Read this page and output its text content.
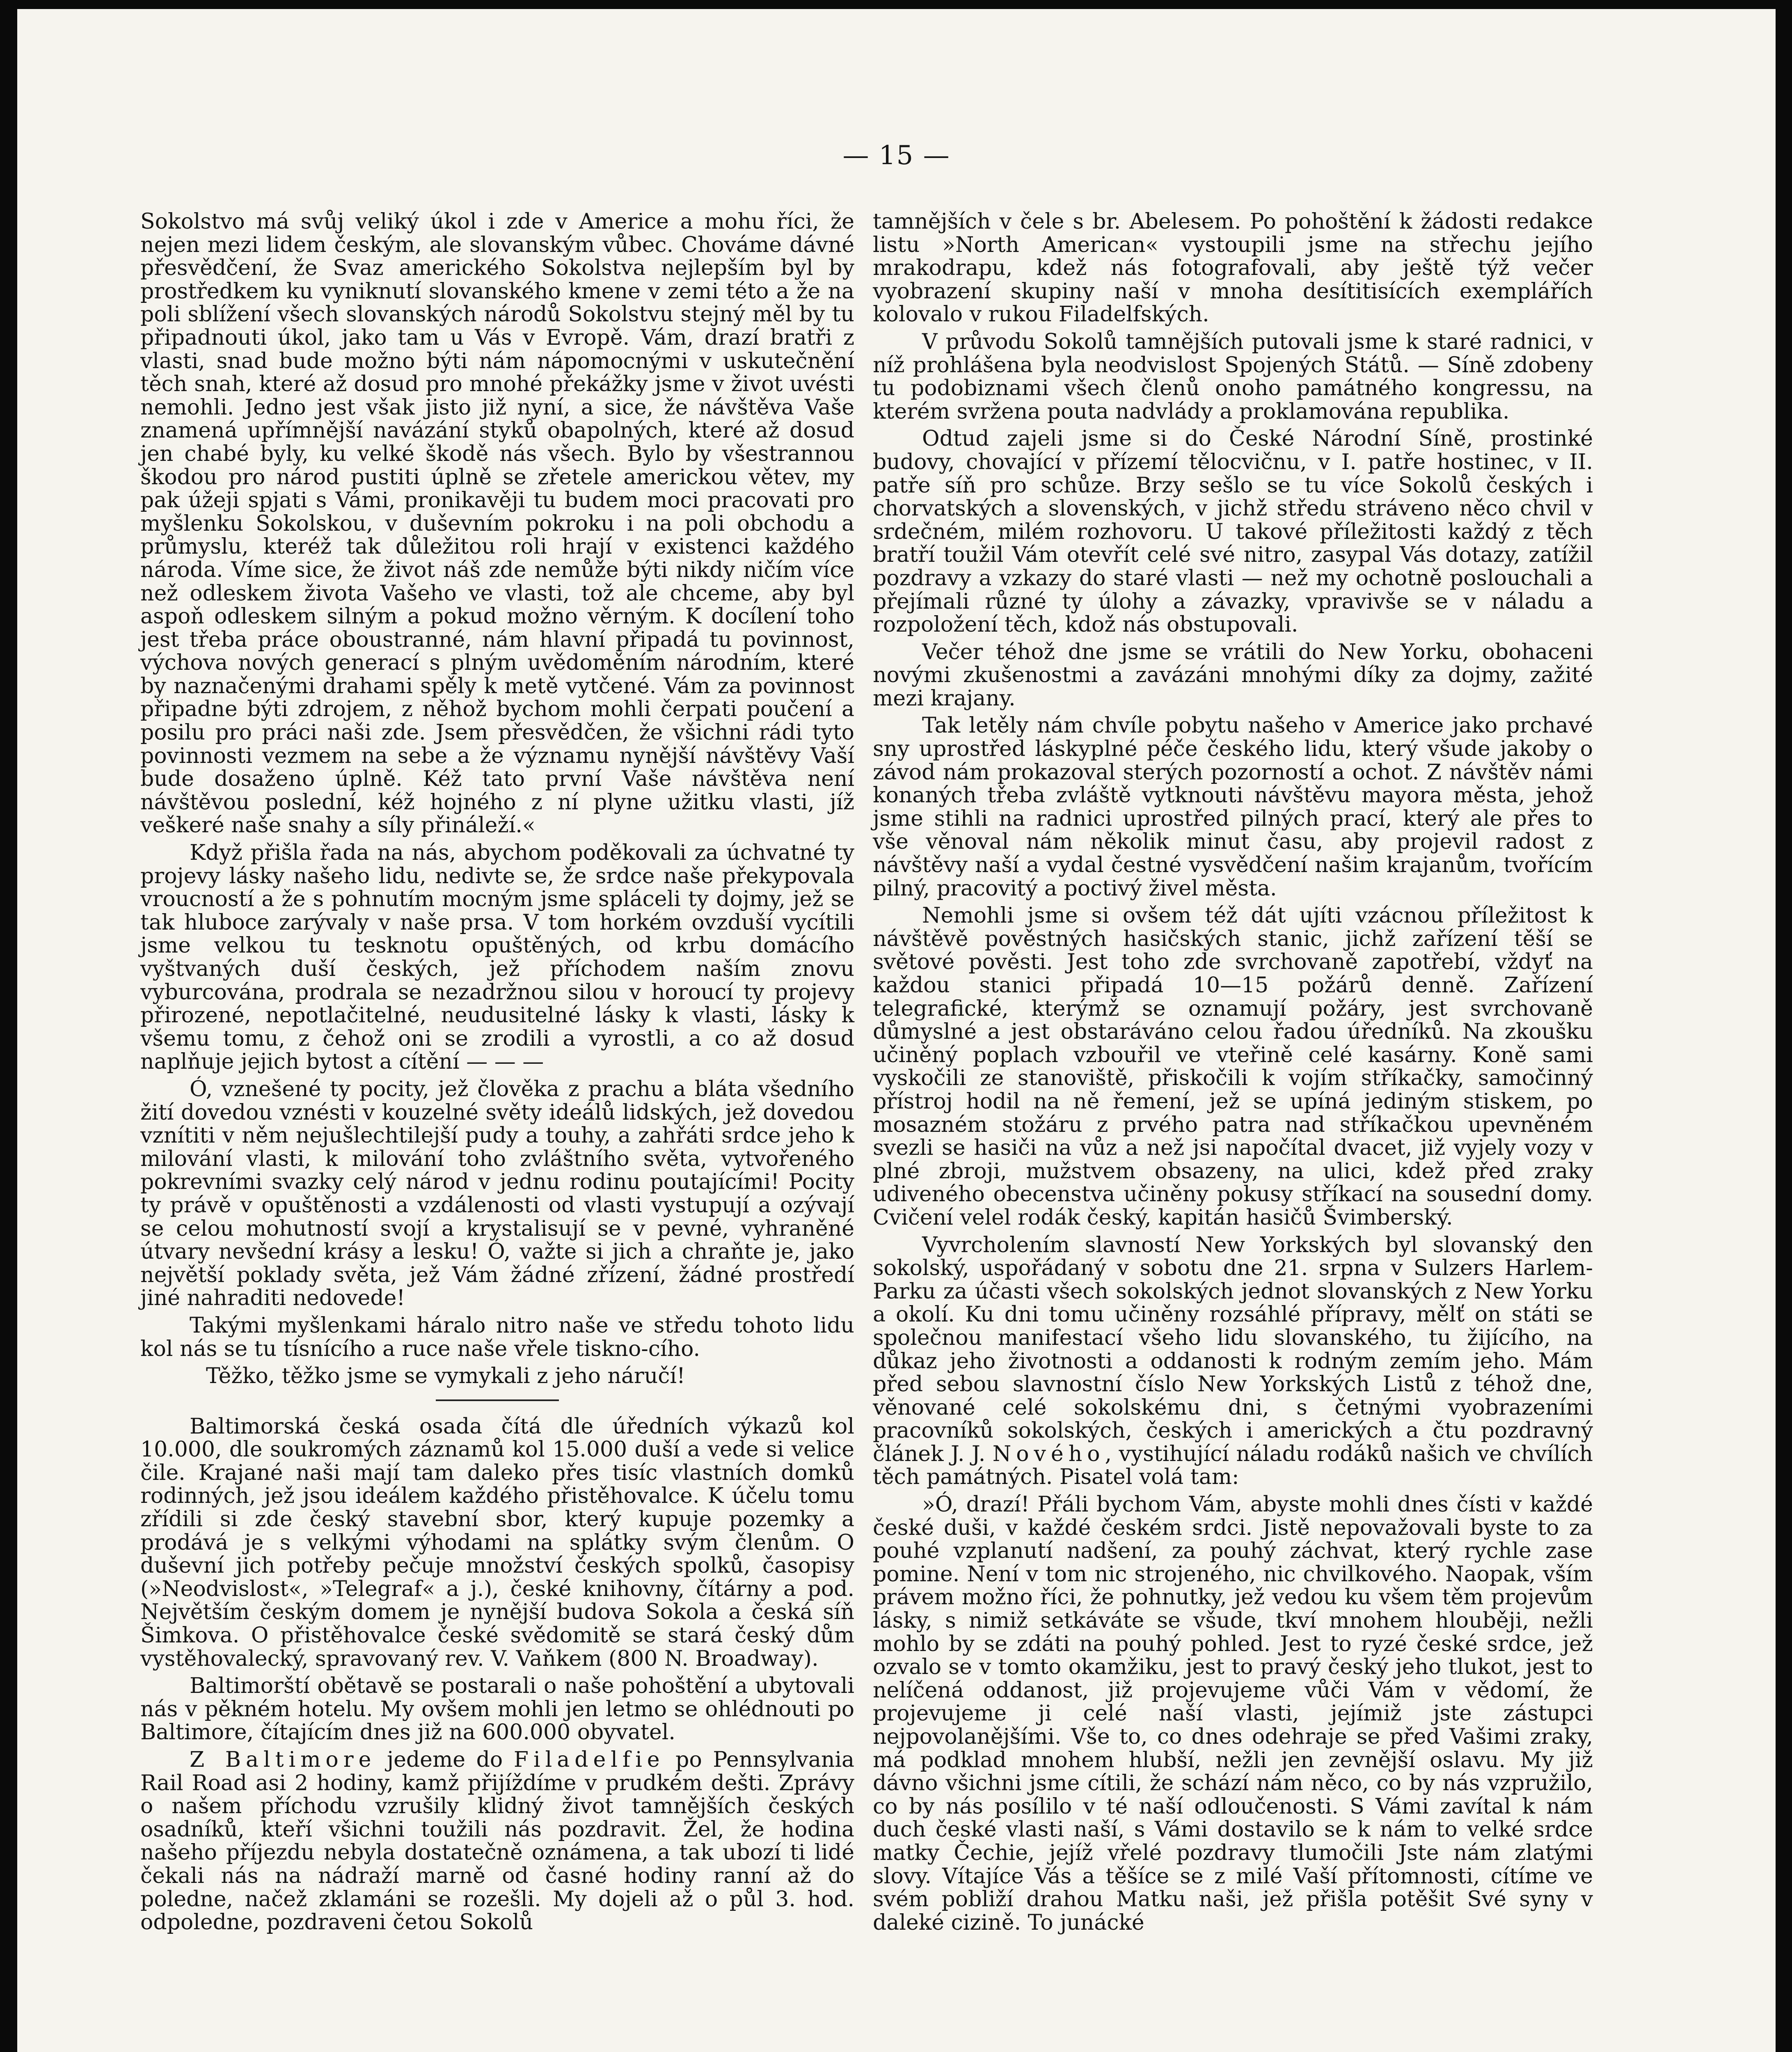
— 15 —

Sokolstvo má svůj veliký úkol i zde v Americe a mohu říci, že nejen mezi lidem českým, ale slovanským vůbec. Chováme dávné přesvědčení, že Svaz amerického Sokolstva nejlepším byl by prostředkem ku vyniknutí slovanského kmene v zemi této a že na poli sblížení všech slovanských národů Sokolstvu stejný měl by tu připadnouti úkol, jako tam u Vás v Evropě. Vám, drazí bratři z vlasti, snad bude možno býti nám nápomocnými v uskutečnění těch snah, které až dosud pro mnohé překážky jsme v život uvésti nemohli. Jedno jest však jisto již nyní, a sice, že návštěva Vaše znamená upřímnější navázání styků obapolných, které až dosud jen chabé byly, ku velké škodě nás všech. Bylo by všestrannou škodou pro národ pustiti úplně se zřetele americkou větev, my pak úžeji spjati s Vámi, pronikavěji tu budem moci pracovati pro myšlenku Sokolskou, v duševním pokroku i na poli obchodu a průmyslu, kteréž tak důležitou roli hrají v existenci každého národa. Víme sice, že život náš zde nemůže býti nikdy ničím více než odleskem života Vašeho ve vlasti, tož ale chceme, aby byl aspoň odleskem silným a pokud možno věrným. K docílení toho jest třeba práce oboustranné, nám hlavní připadá tu povinnost, výchova nových generací s plným uvědoměním národním, které by naznačenými drahami spěly k metě vytčené. Vám za povinnost připadne býti zdrojem, z něhož bychom mohli čerpati poučení a posilu pro práci naši zde. Jsem přesvědčen, že všichni rádi tyto povinnosti vezmem na sebe a že významu nynější návštěvy Vaší bude dosaženo úplně. Kéž tato první Vaše návštěva není návštěvou poslední, kéž hojného z ní plyne užitku vlasti, jíž veškeré naše snahy a síly přináleží.«

Když přišla řada na nás, abychom poděkovali za úchvatné ty projevy lásky našeho lidu, nedivte se, že srdce naše překypovala vroucností a že s pohnutím mocným jsme spláceli ty dojmy, jež se tak hluboce zarývaly v naše prsa. V tom horkém ovzduší vycítili jsme velkou tu tesknotu opuštěných, od krbu domácího vyštvaných duší českých, jež příchodem naším znovu vyburcována, prodrala se nezadržnou silou v horoucí ty projevy přirozené, nepotlačitelné, neudusitelné lásky k vlasti, lásky k všemu tomu, z čehož oni se zrodili a vyrostli, a co až dosud naplňuje jejich bytost a cítění — — —

Ó, vznešené ty pocity, jež člověka z prachu a bláta všedního žití dovedou vznésti v kouzelné světy ideálů lidských, jež dovedou vznítiti v něm nejušlechtilejší pudy a touhy, a zahřáti srdce jeho k milování vlasti, k milování toho zvláštního světa, vytvořeného pokrevními svazky celý národ v jednu rodinu poutajícími! Pocity ty právě v opuštěnosti a vzdálenosti od vlasti vystupují a ozývají se celou mohutností svojí a krystalisují se v pevné, vyhraněné útvary nevšední krásy a lesku! Ó, važte si jich a chraňte je, jako největší poklady světa, jež Vám žádné zřízení, žádné prostředí jiné nahraditi nedovede!

Takými myšlenkami háralo nitro naše ve středu tohoto lidu kol nás se tu tísnícího a ruce naše vřele tiskno-cího.

Těžko, těžko jsme se vymykali z jeho náručí!

Baltimorská česká osada čítá dle úředních výkazů kol 10.000, dle soukromých záznamů kol 15.000 duší a vede si velice čile. Krajané naši mají tam daleko přes tisíc vlastních domků rodinných, jež jsou ideálem každého přistěhovalce. K účelu tomu zřídili si zde český stavební sbor, který kupuje pozemky a prodává je s velkými výhodami na splátky svým členům. O duševní jich potřeby pečuje množství českých spolků, časopisy (»Neodvislost«, »Telegraf« a j.), české knihovny, čítárny a pod. Největším českým domem je nynější budova Sokola a česká síň Šimkova. O přistěhovalce české svědomitě se stará český dům vystěhovalecký, spravovaný rev. V. Vaňkem (800 N. Broadway).

Baltimorští obětavě se postarali o naše pohoštění a ubytovali nás v pěkném hotelu. My ovšem mohli jen letmo se ohlédnouti po Baltimore, čítajícím dnes již na 600.000 obyvatel.

Z Baltimore jedeme do Filadelfie po Pennsylvania Rail Road asi 2 hodiny, kamž přijíždíme v prudkém dešti. Zprávy o našem příchodu vzrušily klidný život tamnějších českých osadníků, kteří všichni toužili nás pozdravit. Žel, že hodina našeho příjezdu nebyla dostatečně oznámena, a tak ubozí ti lidé čekali nás na nádraží marně od časné hodiny ranní až do poledne, načež zklamáni se rozešli. My dojeli až o půl 3. hod. odpoledne, pozdraveni četou Sokolů

tamnějších v čele s br. Abelesem. Po pohoštění k žádosti redakce listu »North American« vystoupili jsme na střechu jejího mrakodrapu, kdež nás fotografovali, aby ještě týž večer vyobrazení skupiny naší v mnoha desítitisících exemplářích kolovalo v rukou Filadelfských.

V průvodu Sokolů tamnějších putovali jsme k staré radnici, v níž prohlášena byla neodvislost Spojených Států. — Síně zdobeny tu podobiznami všech členů onoho památného kongressu, na kterém svržena pouta nadvlády a proklamována republika.

Odtud zajeli jsme si do České Národní Síně, prostinké budovy, chovající v přízemí tělocvičnu, v I. patře hostinec, v II. patře síň pro schůze. Brzy sešlo se tu více Sokolů českých i chorvatských a slovenských, v jichž středu stráveno něco chvil v srdečném, milém rozhovoru. U takové příležitosti každý z těch bratří toužil Vám otevřít celé své nitro, zasypal Vás dotazy, zatížil pozdravy a vzkazy do staré vlasti — než my ochotně poslouchali a přejímali různé ty úlohy a závazky, vpravivše se v náladu a rozpoložení těch, kdož nás obstupovali.

Večer téhož dne jsme se vrátili do New Yorku, obohaceni novými zkušenostmi a zavázáni mnohými díky za dojmy, zažité mezi krajany.

Tak letěly nám chvíle pobytu našeho v Americe jako prchavé sny uprostřed láskyplné péče českého lidu, který všude jakoby o závod nám prokazoval sterých pozorností a ochot. Z návštěv námi konaných třeba zvláště vytknouti návštěvu mayora města, jehož jsme stihli na radnici uprostřed pilných prací, který ale přes to vše věnoval nám několik minut času, aby projevil radost z návštěvy naší a vydal čestné vysvědčení našim krajanům, tvořícím pilný, pracovitý a poctivý živel města.

Nemohli jsme si ovšem též dát ujíti vzácnou příležitost k návštěvě pověstných hasičských stanic, jichž zařízení těší se světové pověsti. Jest toho zde svrchovaně zapotřebí, vždyť na každou stanici připadá 10—15 požárů denně. Zařízení telegrafické, kterýmž se oznamují požáry, jest svrchovaně důmyslné a jest obstaráváno celou řadou úředníků. Na zkoušku učiněný poplach vzbouřil ve vteřině celé kasárny. Koně sami vyskočili ze stanoviště, přiskočili k vojím stříkačky, samočinný přístroj hodil na ně řemení, jež se upíná jediným stiskem, po mosazném stožáru z prvého patra nad stříkačkou upevněném svezli se hasiči na vůz a než jsi napočítal dvacet, již vyjely vozy v plné zbroji, mužstvem obsazeny, na ulici, kdež před zraky udiveného obecenstva učiněny pokusy stříkací na sousední domy. Cvičení velel rodák český, kapitán hasičů Švimberský.

Vyvrcholením slavností New Yorkských byl slovanský den sokolský, uspořádaný v sobotu dne 21. srpna v Sulzers Harlem-Parku za účasti všech sokolských jednot slovanských z New Yorku a okolí. Ku dni tomu učiněny rozsáhlé přípravy, mělť on státi se společnou manifestací všeho lidu slovanského, tu žijícího, na důkaz jeho životnosti a oddanosti k rodným zemím jeho. Mám před sebou slavnostní číslo New Yorkských Listů z téhož dne, věnované celé sokolskému dni, s četnými vyobrazeními pracovníků sokolských, českých i amerických a čtu pozdravný článek J. J. Nového, vystihující náladu rodáků našich ve chvílích těch památných. Pisatel volá tam:

»Ó, drazí! Přáli bychom Vám, abyste mohli dnes čísti v každé české duši, v každé českém srdci. Jistě nepovažovali byste to za pouhé vzplanutí nadšení, za pouhý záchvat, který rychle zase pomine. Není v tom nic strojeného, nic chvilkového. Naopak, vším právem možno říci, že pohnutky, jež vedou ku všem těm projevům lásky, s nimiž setkáváte se všude, tkví mnohem hlouběji, nežli mohlo by se zdáti na pouhý pohled. Jest to ryzé české srdce, jež ozvalo se v tomto okamžiku, jest to pravý český jeho tlukot, jest to nelíčená oddanost, již projevujeme vůči Vám v vědomí, že projevujeme ji celé naší vlasti, jejímiž jste zástupci nejpovolanějšími. Vše to, co dnes odehraje se před Vašimi zraky, má podklad mnohem hlubší, nežli jen zevnější oslavu. My již dávno všichni jsme cítili, že schází nám něco, co by nás vzpružilo, co by nás posílilo v té naší odloučenosti. S Vámi zavítal k nám duch české vlasti naší, s Vámi dostavilo se k nám to velké srdce matky Čechie, jejíž vřelé pozdravy tlumočili Jste nám zlatými slovy. Vítajíce Vás a těšíce se z milé Vaší přítomnosti, cítíme ve svém pobliží drahou Matku naši, jež přišla potěšit Své syny v daleké cizině. To junácké
